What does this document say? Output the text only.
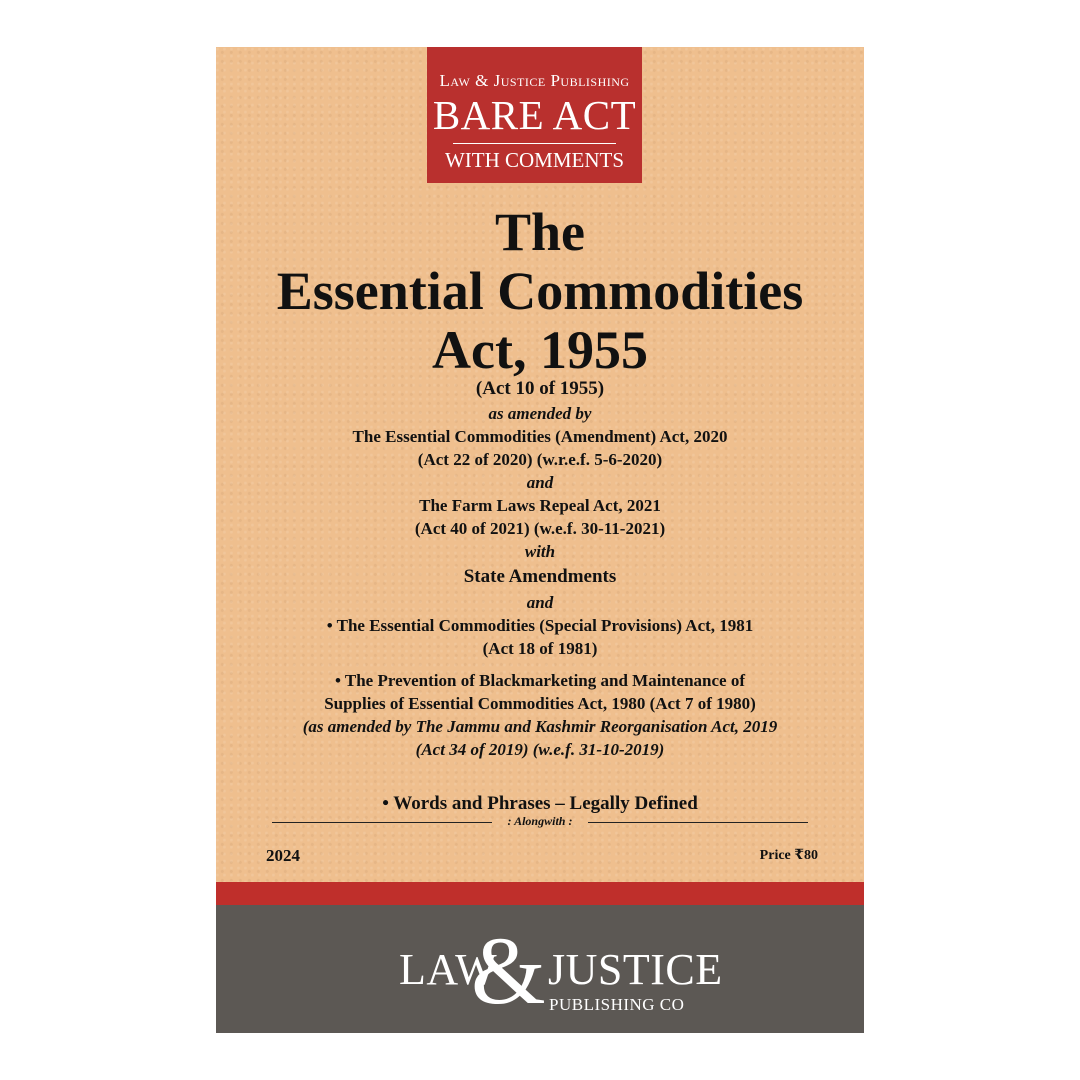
Law & Justice Publishing
BARE ACT
WITH COMMENTS
The
Essential Commodities
Act, 1955
(Act 10 of 1955)
as amended by
The Essential Commodities (Amendment) Act, 2020
(Act 22 of 2020) (w.r.e.f. 5-6-2020)
and
The Farm Laws Repeal Act, 2021
(Act 40 of 2021) (w.e.f. 30-11-2021)
with
State Amendments
and
• The Essential Commodities (Special Provisions) Act, 1981
(Act 18 of 1981)
• The Prevention of Blackmarketing and Maintenance of
Supplies of Essential Commodities Act, 1980 (Act 7 of 1980)
(as amended by The Jammu and Kashmir Reorganisation Act, 2019
(Act 34 of 2019) (w.e.f. 31-10-2019)
: Alongwith :
• Words and Phrases – Legally Defined
2024	Price ₹80
LAW
& JUSTICE
PUBLISHING CO
